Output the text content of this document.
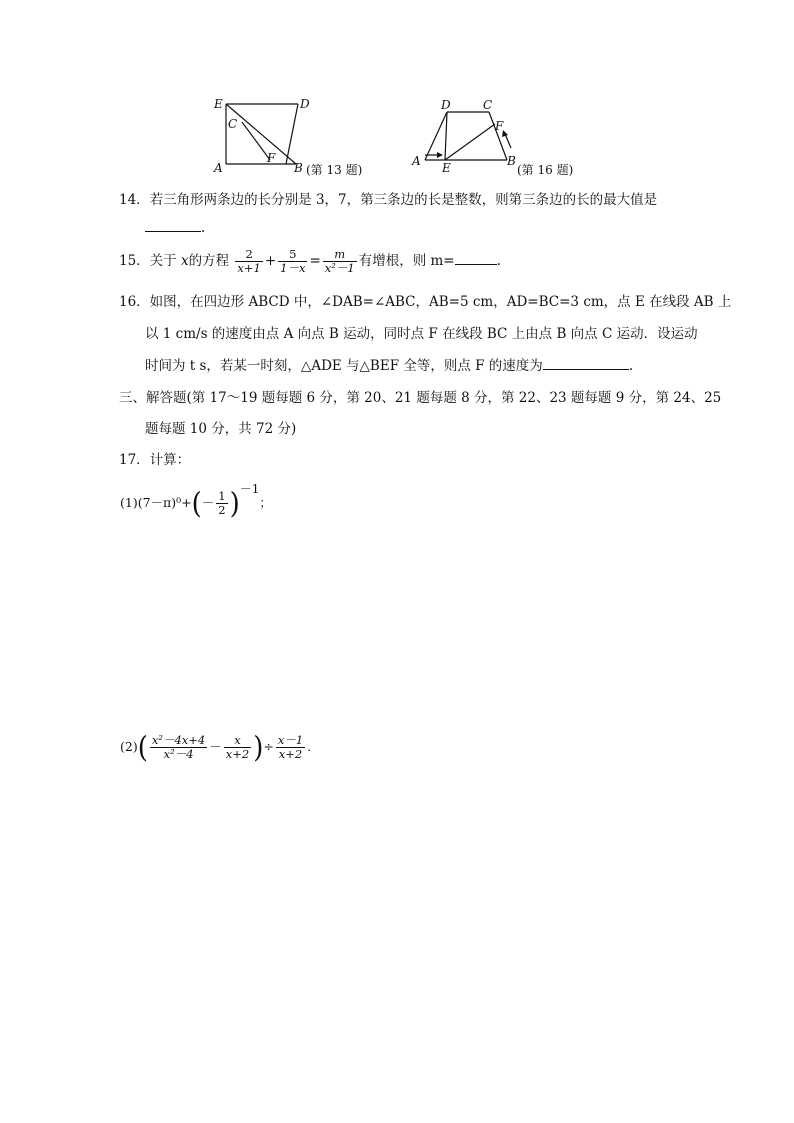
E	D
C
A
F
B (第 13 题)
D	C
F
A E	B
(第 16 题)
14．若三角形两条边的长分别是 3，7，第三条边的长是整数，则第三条边的长的最大值是
.
15．关于 x的方程 $\frac{2}{x+1} + \frac{5}{1-x} = \frac{m}{\text{x²－1}}$ 有增根，则 m=	.
16．如图，在四边形 ABCD 中，∠DAB=∠ABC，AB=5 cm，AD=BC=3 cm，点 E 在线段 AB 上
以 1 cm/s 的速度由点 A 向点 B 运动，同时点 F 在线段 BC 上由点 B 向点 C 运动．设运动
时间为 t s，若某一时刻，△ADE 与△BEF 全等，则点 F 的速度为	.
三、解答题(第 17～19 题每题 6 分，第 20、21 题每题 8 分，第 22、23 题每题 9 分，第 24、25
题每题 10 分，共 72 分)
17．计算：
$(1)(7-\pi)^0+(- \frac{1}{2} )^{-1}$；
$(2)( \frac{\text{x²－4x+4}}{\text{x²－4}} - \frac{x}{x+2}$ )÷ $\frac{x-1}{x+2}$ .
